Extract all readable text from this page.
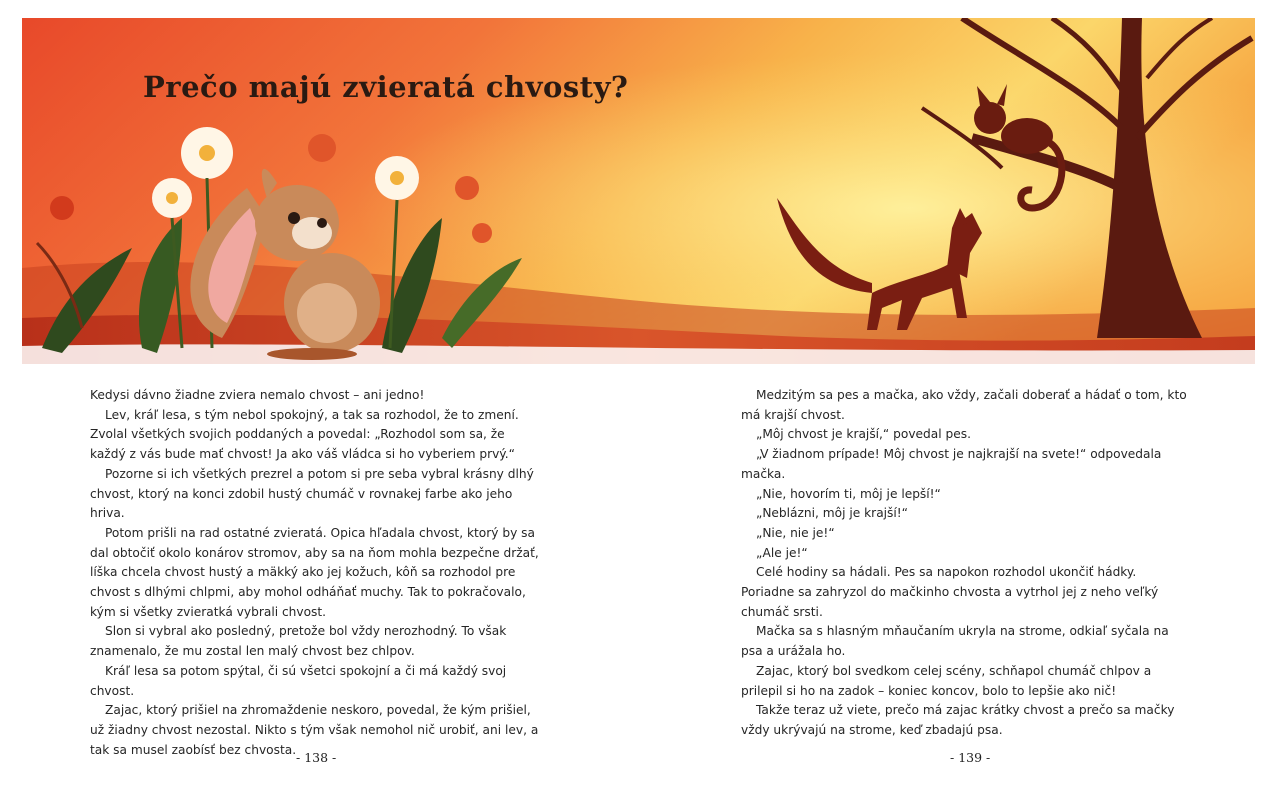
Prečo majú zvieratá chvosty?

Kedysi dávno žiadne zviera nemalo chvost – ani jedno!

Lev, kráľ lesa, s tým nebol spokojný, a tak sa rozhodol, že to zmení. Zvolal všetkých svojich poddaných a povedal: „Rozhodol som sa, že každý z vás bude mať chvost! Ja ako váš vládca si ho vyberiem prvý.“

Pozorne si ich všetkých prezrel a potom si pre seba vybral krásny dlhý chvost, ktorý na konci zdobil hustý chumáč v rovnakej farbe ako jeho hriva.

Potom prišli na rad ostatné zvieratá. Opica hľadala chvost, ktorý by sa dal obtočiť okolo konárov stromov, aby sa na ňom mohla bezpečne držať, líška chcela chvost hustý a mäkký ako jej kožuch, kôň sa rozhodol pre chvost s dlhými chlpmi, aby mohol odháňať muchy. Tak to pokračovalo, kým si všetky zvieratká vybrali chvost.

Slon si vybral ako posledný, pretože bol vždy nerozhodný. To však znamenalo, že mu zostal len malý chvost bez chlpov.

Kráľ lesa sa potom spýtal, či sú všetci spokojní a či má každý svoj chvost.

Zajac, ktorý prišiel na zhromaždenie neskoro, povedal, že kým prišiel, už žiadny chvost nezostal. Nikto s tým však nemohol nič urobiť, ani lev, a tak sa musel zaobísť bez chvosta.

Medzitým sa pes a mačka, ako vždy, začali doberať a hádať o tom, kto má krajší chvost.

„Môj chvost je krajší,“ povedal pes.

„V žiadnom prípade! Môj chvost je najkrajší na svete!“ odpovedala mačka.

„Nie, hovorím ti, môj je lepší!“

„Neblázni, môj je krajší!“

„Nie, nie je!“

„Ale je!“

Celé hodiny sa hádali. Pes sa napokon rozhodol ukončiť hádky. Poriadne sa zahryzol do mačkinho chvosta a vytrhol jej z neho veľký chumáč srsti.

Mačka sa s hlasným mňaučaním ukryla na strome, odkiaľ syčala na psa a urážala ho.

Zajac, ktorý bol svedkom celej scény, schňapol chumáč chlpov a prilepil si ho na zadok – koniec koncov, bolo to lepšie ako nič!

Takže teraz už viete, prečo má zajac krátky chvost a prečo sa mačky vždy ukrývajú na strome, keď zbadajú psa.

- 138 -	- 139 -
